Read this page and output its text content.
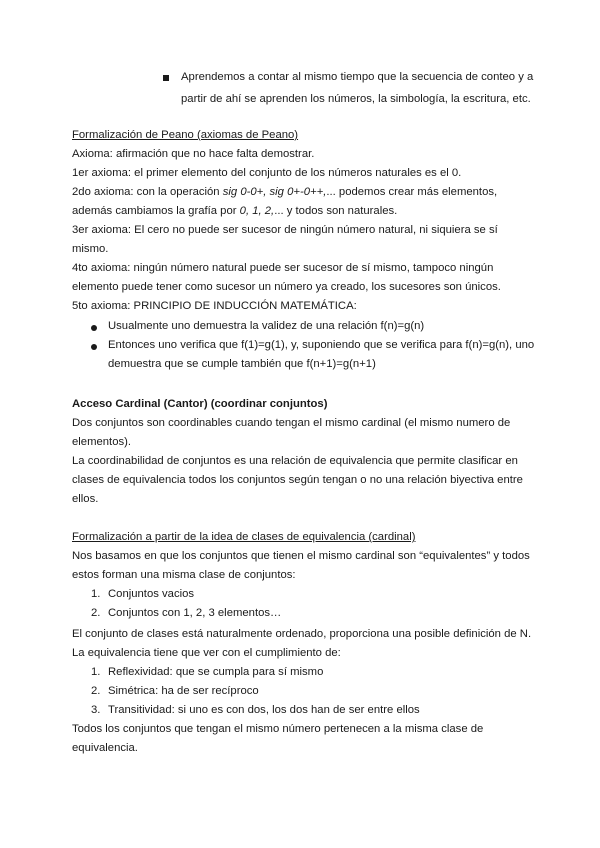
Aprendemos a contar al mismo tiempo que la secuencia de conteo y a
partir de ahí se aprenden los números, la simbología, la escritura, etc.
Formalización de Peano (axiomas de Peano)
Axioma: afirmación que no hace falta demostrar.
1er axioma: el primer elemento del conjunto de los números naturales es el 0.
2do axioma: con la operación sig 0-0+, sig 0+-0++,... podemos crear más elementos,
además cambiamos la grafía por 0, 1, 2,... y todos son naturales.
3er axioma: El cero no puede ser sucesor de ningún número natural, ni siquiera se sí
mismo.
4to axioma: ningún número natural puede ser sucesor de sí mismo, tampoco ningún
elemento puede tener como sucesor un número ya creado, los sucesores son únicos.
5to axioma: PRINCIPIO DE INDUCCIÓN MATEMÁTICA:
Usualmente uno demuestra la validez de una relación f(n)=g(n)
Entonces uno verifica que f(1)=g(1), y, suponiendo que se verifica para f(n)=g(n), uno
demuestra que se cumple también que f(n+1)=g(n+1)
Acceso Cardinal (Cantor) (coordinar conjuntos)
Dos conjuntos son coordinables cuando tengan el mismo cardinal (el mismo numero de
elementos).
La coordinabilidad de conjuntos es una relación de equivalencia que permite clasificar en
clases de equivalencia todos los conjuntos según tengan o no una relación biyectiva entre
ellos.
Formalización a partir de la idea de clases de equivalencia (cardinal)
Nos basamos en que los conjuntos que tienen el mismo cardinal son “equivalentes” y todos
estos forman una misma clase de conjuntos:
1. Conjuntos vacios
2. Conjuntos con 1, 2, 3 elementos…
El conjunto de clases está naturalmente ordenado, proporciona una posible definición de N.
La equivalencia tiene que ver con el cumplimiento de:
1. Reflexividad: que se cumpla para sí mismo
2. Simétrica: ha de ser recíproco
3. Transitividad: si uno es con dos, los dos han de ser entre ellos
Todos los conjuntos que tengan el mismo número pertenecen a la misma clase de
equivalencia.
